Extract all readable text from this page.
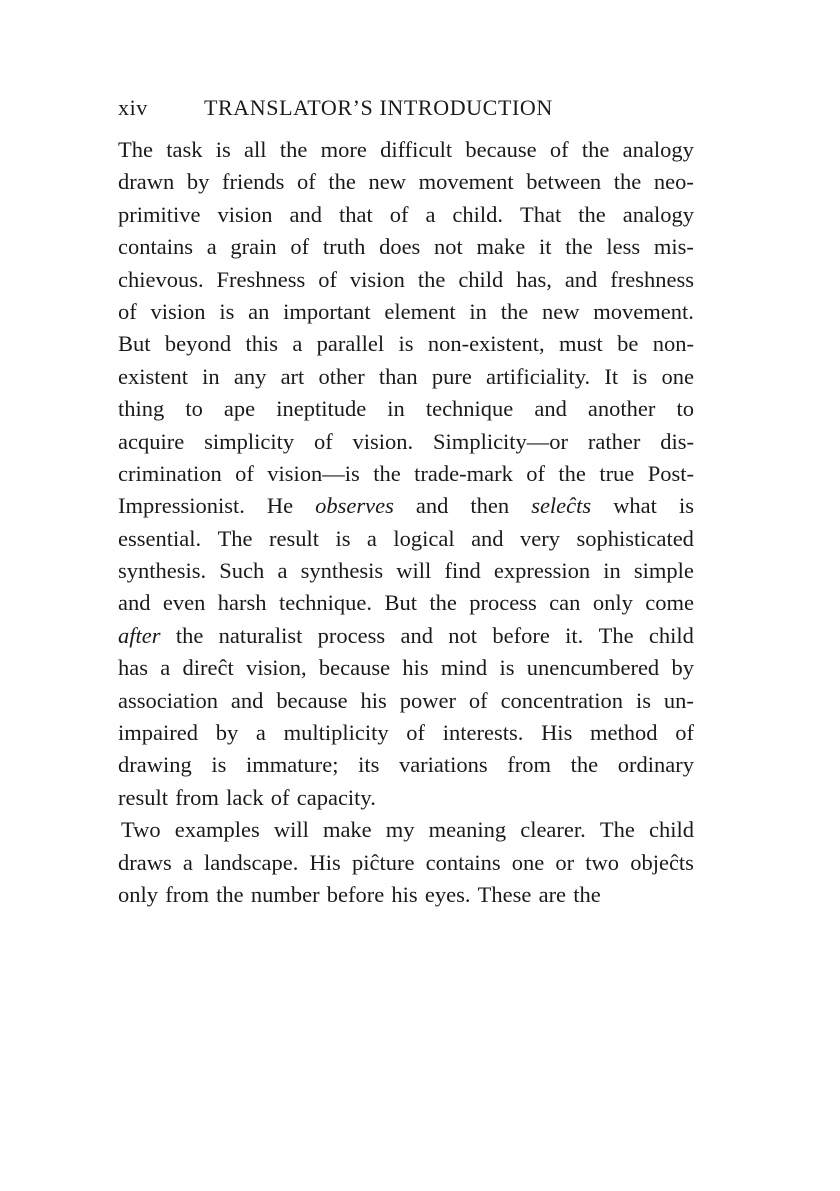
xiv	TRANSLATOR’S INTRODUCTION
The task is all the more difficult because of the analogy
drawn by friends of the new movement between the neo-
primitive vision and that of a child. That the analogy
contains a grain of truth does not make it the less mis-
chievous. Freshness of vision the child has, and freshness
of vision is an important element in the new movement.
But beyond this a parallel is non-existent, must be non-
existent in any art other than pure artificiality. It is one
thing to ape ineptitude in technique and another to
acquire simplicity of vision. Simplicity—or rather dis-
crimination of vision—is the trade-mark of the true Post-
Impressionist. He observes and then seleĉts what is
essential. The result is a logical and very sophisticated
synthesis. Such a synthesis will find expression in simple
and even harsh technique. But the process can only come
after the naturalist process and not before it. The child
has a direĉt vision, because his mind is unencumbered by
association and because his power of concentration is un-
impaired by a multiplicity of interests. His method of
drawing is immature; its variations from the ordinary
result from lack of capacity.
Two examples will make my meaning clearer. The child
draws a landscape. His piĉture contains one or two objeĉts
only from the number before his eyes. These are the
